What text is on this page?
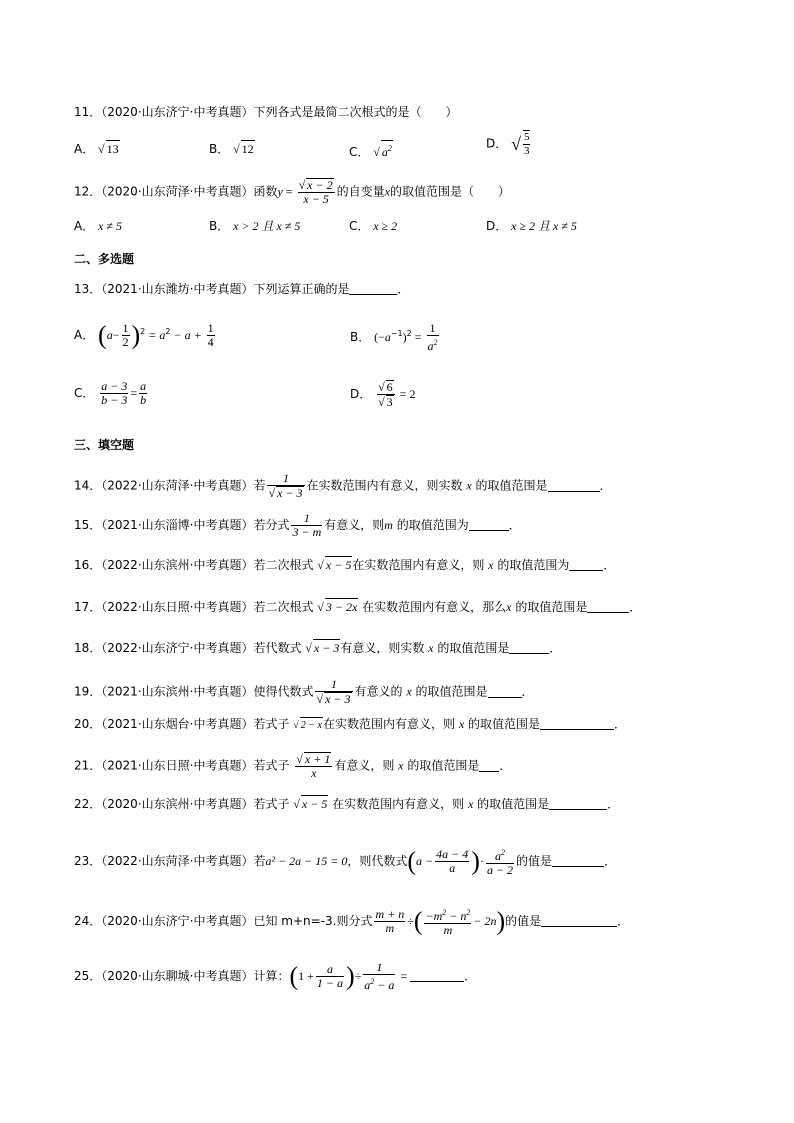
11．（2020·山东济宁·中考真题）下列各式是最简二次根式的是（　　）
A． √ 13	B． √ 12	C． √ $a^2$	D． √ $\frac{5}{3}$
12．（2020·山东菏泽·中考真题）函数$y = \frac{√ x - 2}{x - 5}$ 的自变量x的取值范围是（　　）
A． x ≠ 5	B． x > 2 且 x ≠ 5	C． x ≥ 2	D． x ≥ 2 且 x ≠ 5
二、多选题
13．（2021·山东潍坊·中考真题）下列运算正确的是	．
A． $(a- \frac{1}{2} )^2 = a^2 - a + \frac{1}{4}$	B． $(-a^{-1})^2 = \frac{1}{a^2}$
C． $\frac{a - 3}{b - 3} = \frac{a}{b}$	D． $\frac{√ 6}{√ 3} = 2$
三、填空题
14．（2022·山东菏泽·中考真题）若 $\frac{1}{√ x - 3}$ 在实数范围内有意义，则实数 x 的取值范围是	．
15．（2021·山东淄博·中考真题）若分式 $\frac{1}{3 - m}$ 有意义，则m 的取值范围为	．
16．（2022·山东滨州·中考真题）若二次根式 √ x − 5在实数范围内有意义，则 x 的取值范围为	．
17．（2022·山东日照·中考真题）若二次根式 √ 3 − 2x 在实数范围内有意义，那么x 的取值范围是	．
18．（2022·山东济宁·中考真题）若代数式 √ x − 3有意义，则实数 x 的取值范围是	．
19．（2021·山东滨州·中考真题）使得代数式 $\frac{1}{√ x - 3}$ 有意义的 x 的取值范围是	．
20．（2021·山东烟台·中考真题）若式子 √ 2 − x在实数范围内有意义，则 x 的取值范围是	．
21．（2021·山东日照·中考真题）若式子 $\frac{√ x + 1}{x}$ 有意义，则 x 的取值范围是 ．
22．（2020·山东滨州·中考真题）若式子 √ x − 5 在实数范围内有意义，则 x 的取值范围是	．
23．（2022·山东菏泽·中考真题）若a² − 2a − 15 = 0，则代数式($a - \frac{4a - 4}{a}$ )· $\frac{a^2}{a - 2}$ 的值是	．
24．（2020·山东济宁·中考真题）已知 m+n=-3.则分式 $\frac{m + n}{m}$ ÷( $\frac{-m^2 - n^2}{m} - 2n$)的值是	．
25．（2020·山东聊城·中考真题）计算：($1 + \frac{a}{1 - a}$ )÷ $\frac{1}{a^2 - a}$ =	．
